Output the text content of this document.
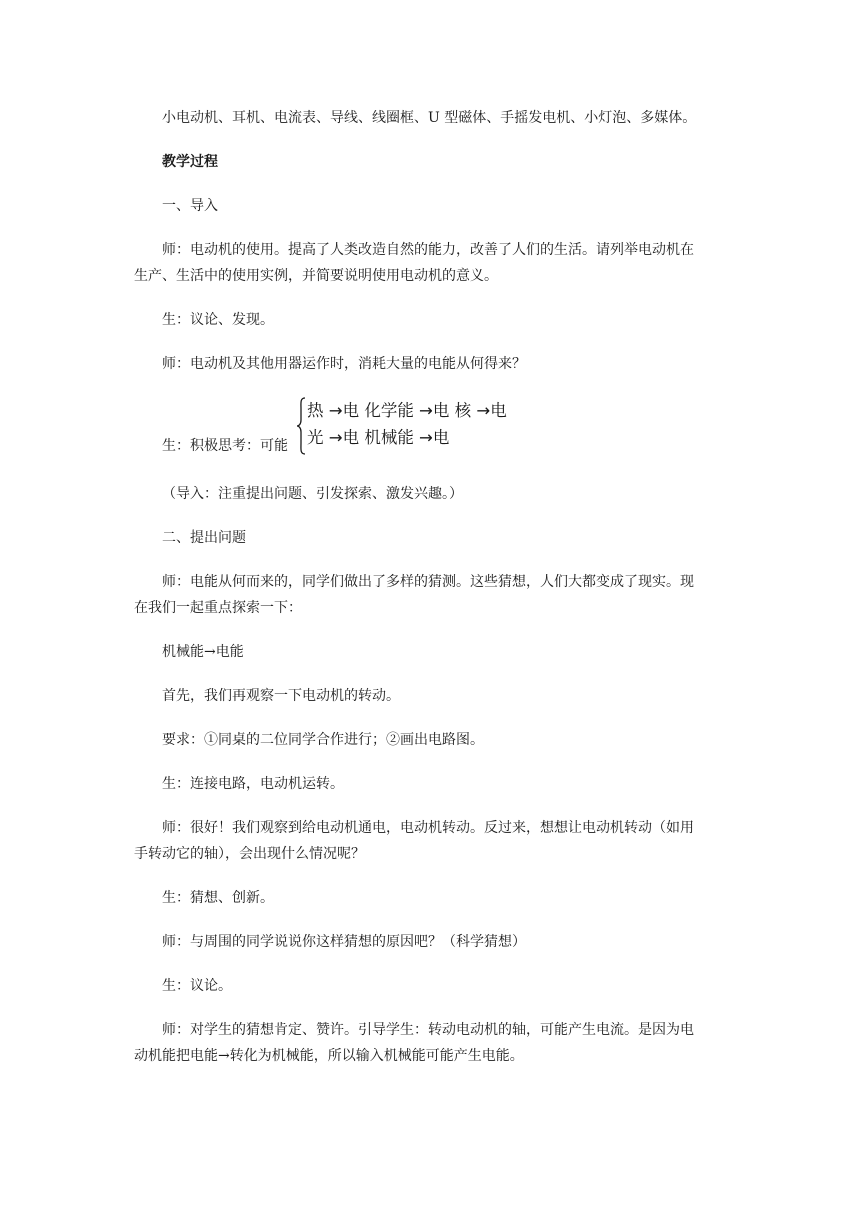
小电动机、耳机、电流表、导线、线圈框、U 型磁体、手摇发电机、小灯泡、多媒体。
教学过程
一、导入
师：电动机的使用。提高了人类改造自然的能力，改善了人们的生活。请列举电动机在
生产、生活中的使用实例，并简要说明使用电动机的意义。
生：议论、发现。
师：电动机及其他用器运作时，消耗大量的电能从何得来？
生：积极思考：可能
热 →电 化学能 →电 核 →电
光 →电 机械能 →电
（导入：注重提出问题、引发探索、激发兴趣。）
二、提出问题
师：电能从何而来的，同学们做出了多样的猜测。这些猜想，人们大都变成了现实。现
在我们一起重点探索一下：
机械能→电能
首先，我们再观察一下电动机的转动。
要求：①同桌的二位同学合作进行；②画出电路图。
生：连接电路，电动机运转。
师：很好！我们观察到给电动机通电，电动机转动。反过来，想想让电动机转动（如用
手转动它的轴），会出现什么情况呢？
生：猜想、创新。
师：与周围的同学说说你这样猜想的原因吧？（科学猜想）
生：议论。
师：对学生的猜想肯定、赞许。引导学生：转动电动机的轴，可能产生电流。是因为电
动机能把电能→转化为机械能，所以输入机械能可能产生电能。
